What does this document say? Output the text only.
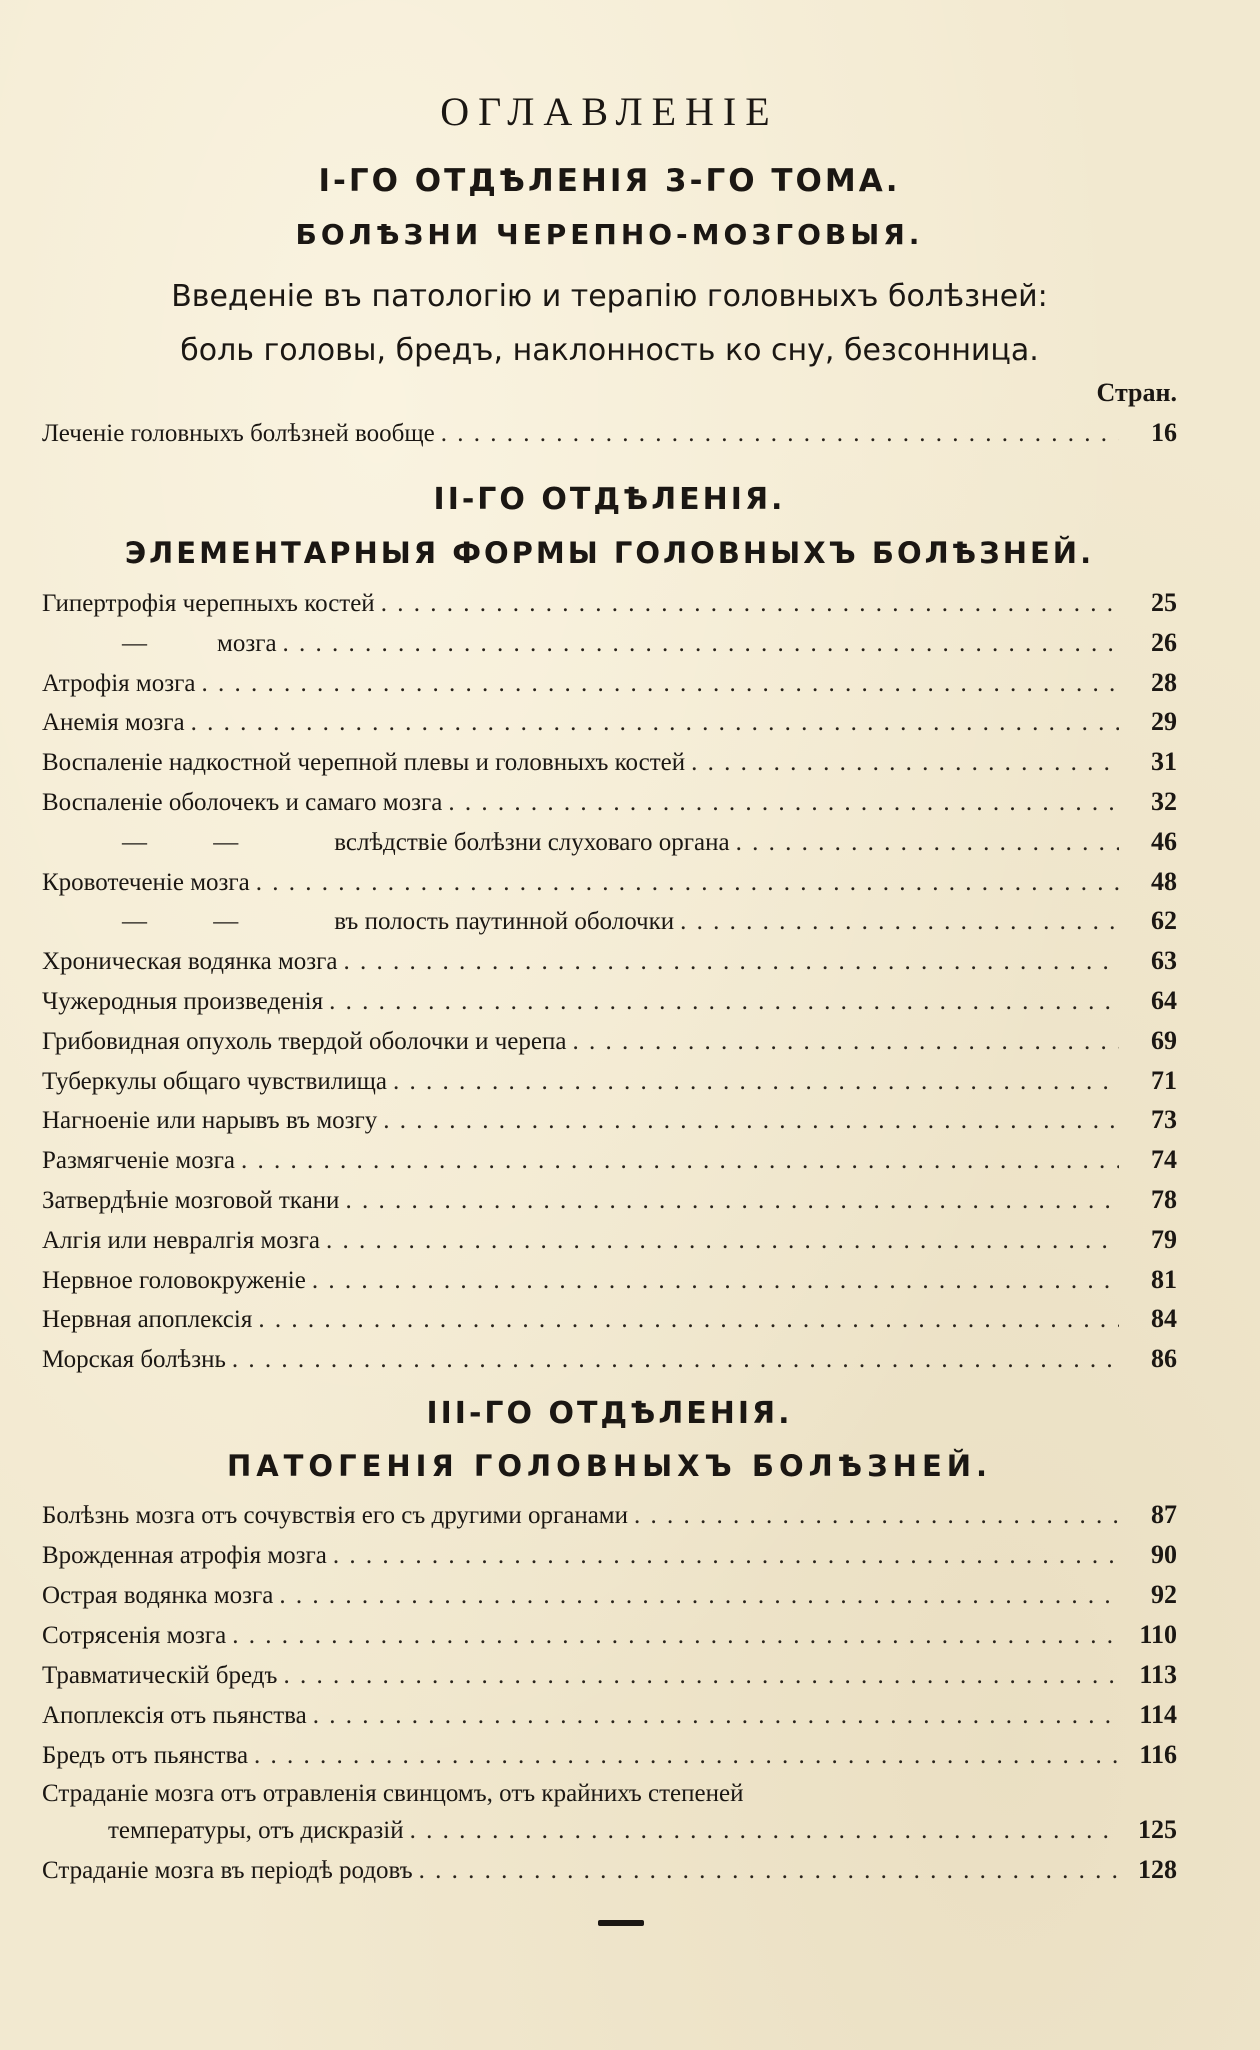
ОГЛАВЛЕНІЕ
І-ГО ОТДѢЛЕНІЯ 3-ГО ТОМА.
БОЛѢЗНИ ЧЕРЕПНО-МОЗГОВЫЯ.

Введеніе въ патологію и терапію головныхъ болѣзней:
боль головы, бредъ, наклонность ко сну, безсонница.

Стран.

Леченіе головныхъ болѣзней вообще . . .	16
ІІ-ГО ОТДѢЛЕНІЯ.
ЭЛЕМЕНТАРНЫЯ ФОРМЫ ГОЛОВНЫХЪ БОЛѢЗНЕЙ.
Гипертрофія черепныхъ костей . . .	25
—	мозга . . .	26
Атрофія мозга . . .	28
Анемія мозга . . .	29
Воспаленіе надкостной черепной плевы и головныхъ костей . . .	31
Воспаленіе оболочекъ и самаго мозга . . .	32
— —	вслѣдствіе болѣзни слуховаго органа . . .	46
Кровотеченіе мозга . . .	48
— —	въ полость паутинной оболочки . . .	62
Хроническая водянка мозга . . .	63
Чужеродныя произведенія . . .	64
Грибовидная опухоль твердой оболочки и черепа . . .	69
Туберкулы общаго чувствилища . . .	71
Нагноеніе или нарывъ въ мозгу . . .	73
Размягченіе мозга . . .	74
Затвердѣніе мозговой ткани . . .	78
Алгія или невралгія мозга . . .	79
Нервное головокруженіе . . .	81
Нервная апоплексія . . .	84
Морская болѣзнь . . .	86
ІІІ-ГО ОТДѢЛЕНІЯ.
ПАТОГЕНІЯ ГОЛОВНЫХЪ БОЛѢЗНЕЙ.
Болѣзнь мозга отъ сочувствія его съ другими органами . . .	87
Врожденная атрофія мозга . . .	90
Острая водянка мозга . . .	92
Сотрясенія мозга . . .	110
Травматическій бредъ . . .	113
Апоплексія отъ пьянства . . .	114
Бредъ отъ пьянства . . .	116
Страданіе мозга отъ отравленія свинцомъ, отъ крайнихъ степеней
температуры, отъ дискразій . . .	125
Страданіе мозга въ періодѣ родовъ . . .	128
